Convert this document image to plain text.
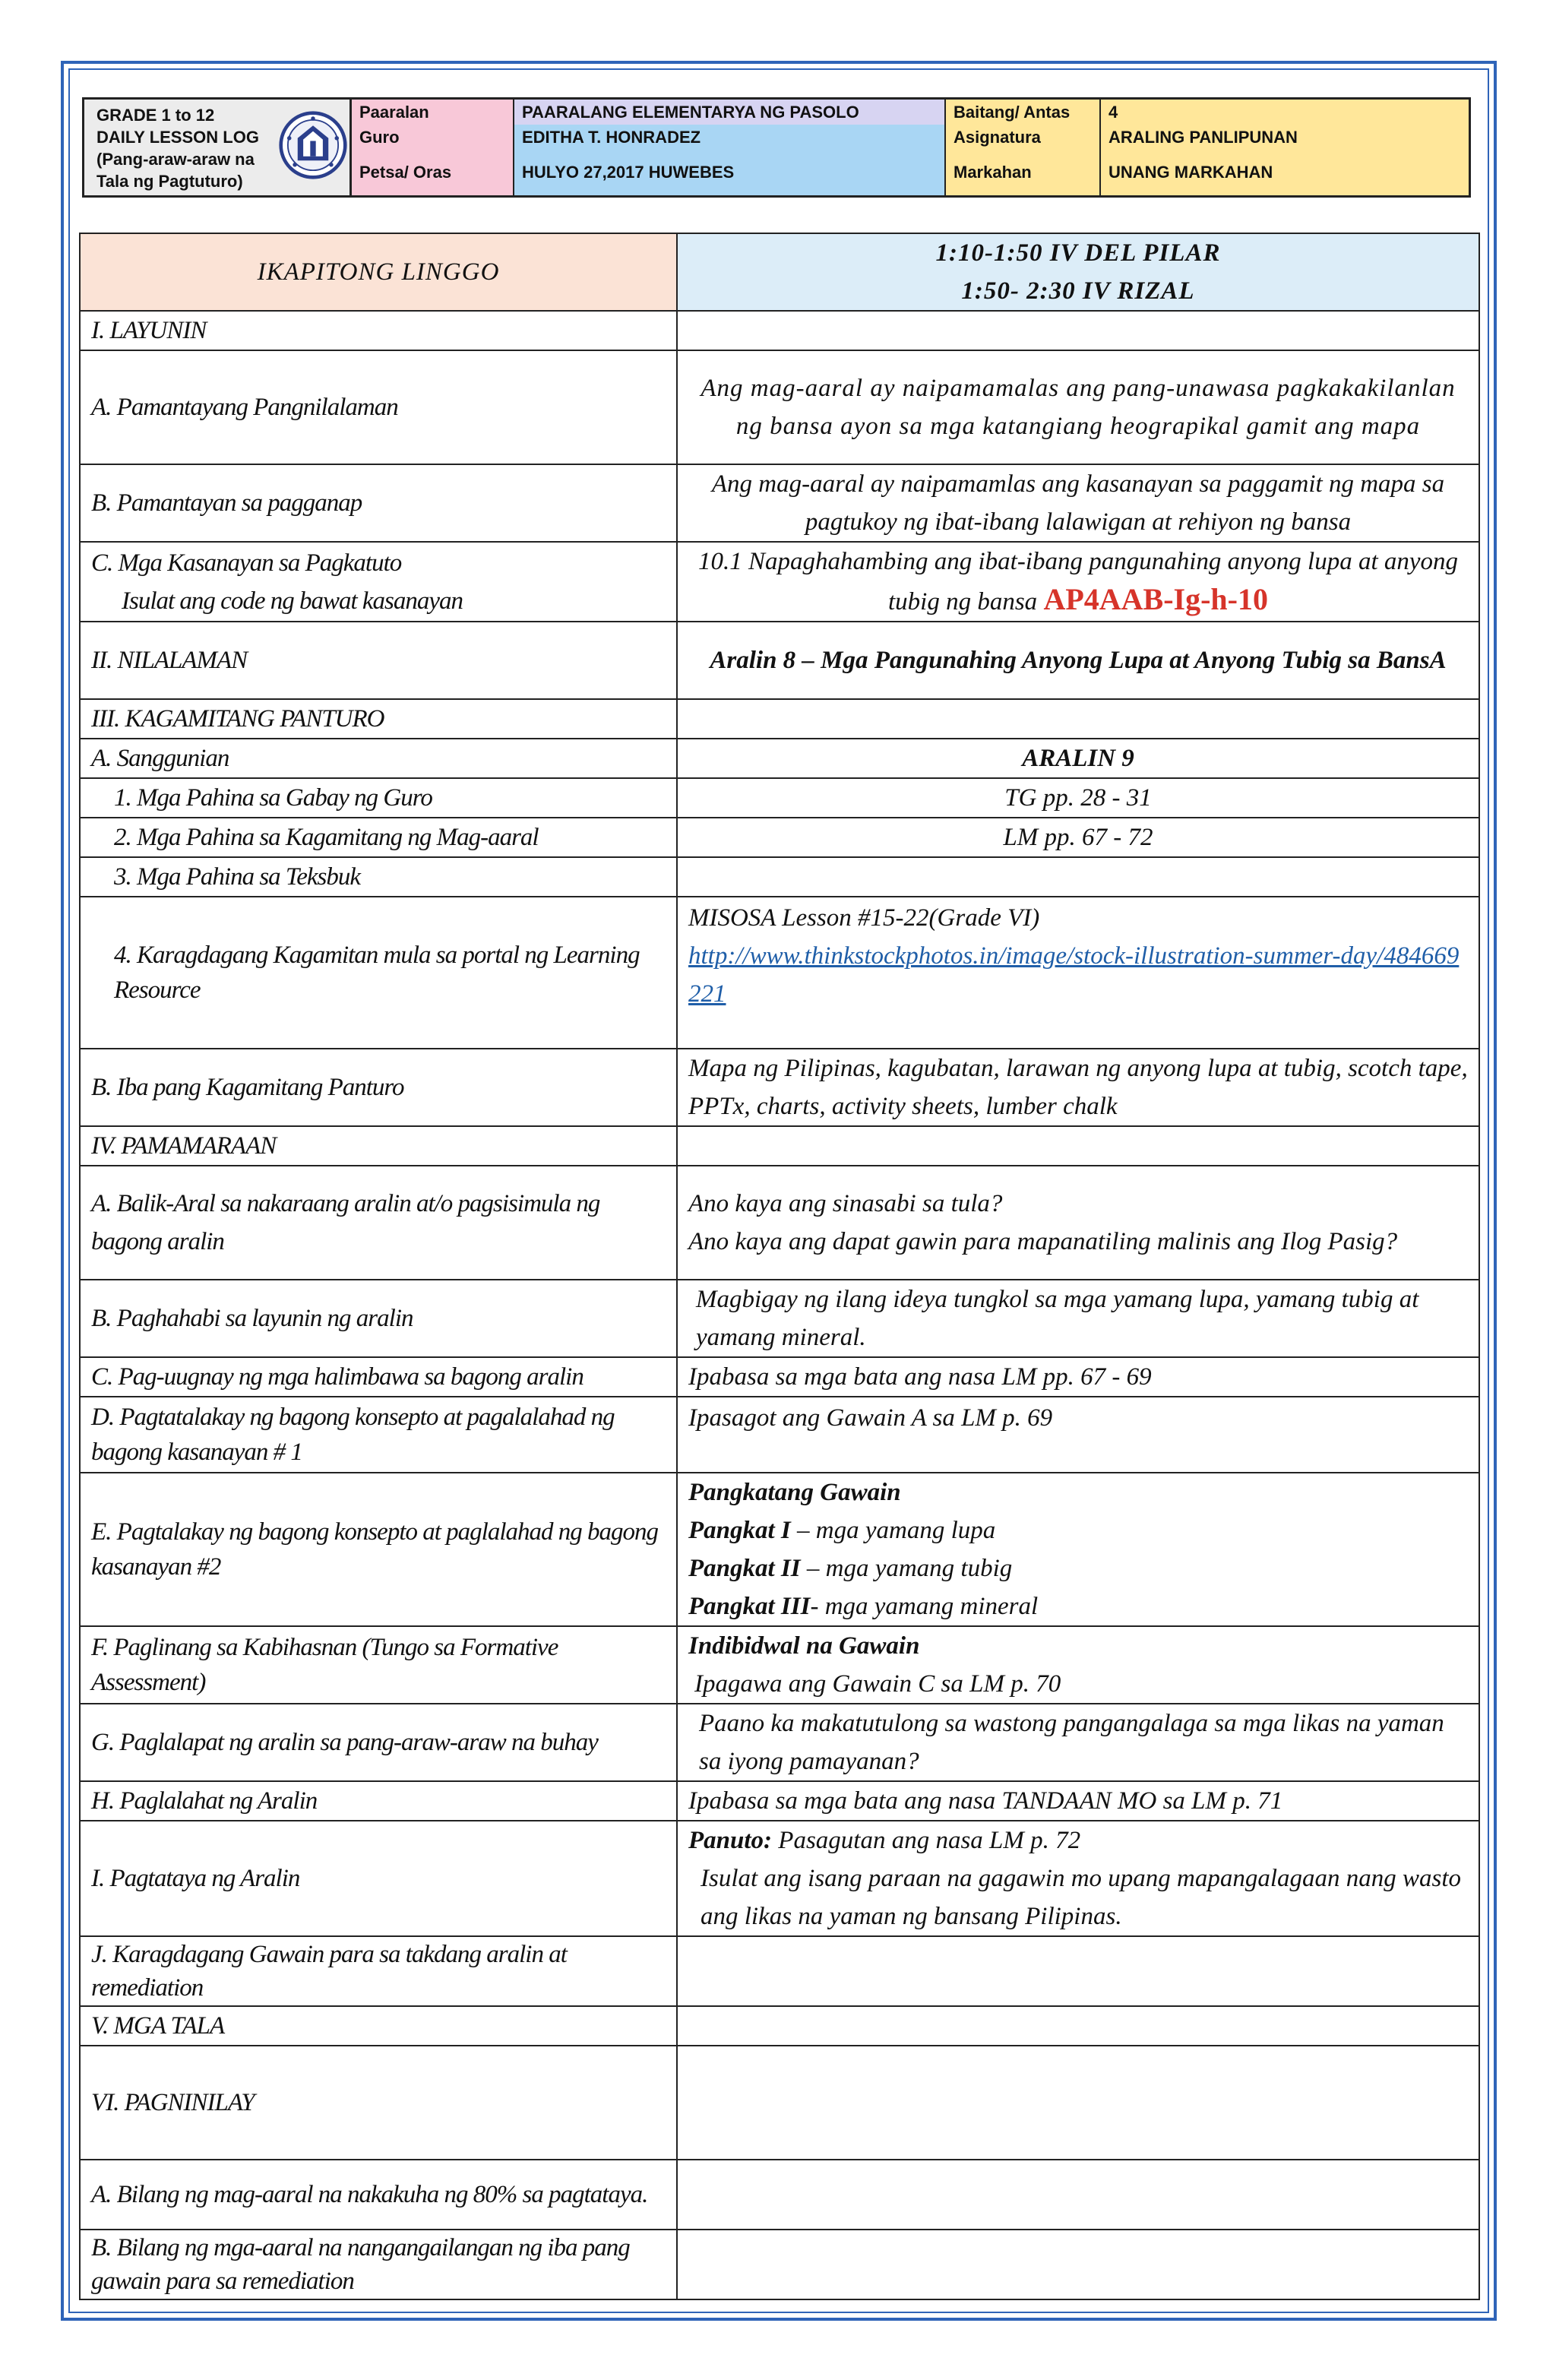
GRADE 1 to 12
DAILY LESSON LOG
(Pang-araw-araw na
Tala ng Pagtuturo)
Paaralan	PAARALANG ELEMENTARYA NG PASOLO	Baitang/ Antas	4
Guro	EDITHA T. HONRADEZ	Asignatura	ARALING PANLIPUNAN
Petsa/ Oras	HULYO 27,2017 HUWEBES	Markahan	UNANG MARKAHAN
IKAPITONG LINGGO	1:10-1:50 IV DEL PILAR
1:50- 2:30 IV RIZAL

I. LAYUNIN	
A. Pamantayang Pangnilalaman	Ang mag-aaral ay naipamamalas ang pang-unawasa pagkakakilanlan ng bansa ayon sa mga katangiang heograpikal gamit ang mapa
B. Pamantayan sa pagganap	Ang mag-aaral ay naipamamlas ang kasanayan sa paggamit ng mapa sa pagtukoy ng ibat-ibang lalawigan at rehiyon ng bansa

C. Mga Kasanayan sa Pagkatuto
Isulat ang code ng bawat kasanayan	10.1 Napaghahambing ang ibat-ibang pangunahing anyong lupa at anyong tubig ng bansa AP4AAB-Ig-h-10
II. NILALAMAN	Aralin 8 – Mga Pangunahing Anyong Lupa at Anyong Tubig sa BansA
III. KAGAMITANG PANTURO	
A. Sanggunian	ARALIN 9
1. Mga Pahina sa Gabay ng Guro	TG pp. 28 - 31
2. Mga Pahina sa Kagamitang ng Mag-aaral	LM pp. 67 - 72
3. Mga Pahina sa Teksbuk	
4. Karagdagang Kagamitan mula sa portal ng Learning Resource	MISOSA Lesson #15-22(Grade VI)
http://www.thinkstockphotos.in/image/stock-illustration-summer-day/484669221

B. Iba pang Kagamitang Panturo	Mapa ng Pilipinas, kagubatan, larawan ng anyong lupa at tubig, scotch tape, PPTx, charts, activity sheets, lumber chalk
IV. PAMAMARAAN	
A. Balik-Aral sa nakaraang aralin at/o pagsisimula ng bagong aralin	Ano kaya ang sinasabi sa tula?
Ano kaya ang dapat gawin para mapanatiling malinis ang Ilog Pasig?

B. Paghahabi sa layunin ng aralin	Magbigay ng ilang ideya tungkol sa mga yamang lupa, yamang tubig at yamang mineral.
C. Pag-uugnay ng mga halimbawa sa bagong aralin	Ipabasa sa mga bata ang nasa LM pp. 67 - 69
D. Pagtatalakay ng bagong konsepto at pagalalahad ng bagong kasanayan # 1	Ipasagot ang Gawain A sa LM p. 69
E. Pagtalakay ng bagong konsepto at paglalahad ng bagong kasanayan #2	Pangkatang Gawain
Pangkat I – mga yamang lupa
Pangkat II – mga yamang tubig
Pangkat III- mga yamang mineral

F. Paglinang sa Kabihasnan (Tungo sa Formative Assessment)	Indibidwal na Gawain
Ipagawa ang Gawain C sa LM p. 70

G. Paglalapat ng aralin sa pang-araw-araw na buhay	Paano ka makatutulong sa wastong pangangalaga sa mga likas na yaman sa iyong pamayanan?
H. Paglalahat ng Aralin	Ipabasa sa mga bata ang nasa TANDAAN MO sa LM p. 71
I. Pagtataya ng Aralin	Panuto: Pasagutan ang nasa LM p. 72
Isulat ang isang paraan na gagawin mo upang mapangalagaan nang wasto ang likas na yaman ng bansang Pilipinas.

J. Karagdagang Gawain para sa takdang aralin at remediation	
V. MGA TALA	
VI. PAGNINILAY	
A. Bilang ng mag-aaral na nakakuha ng 80% sa pagtataya.	
B. Bilang ng mga-aaral na nangangailangan ng iba pang gawain para sa remediation	
